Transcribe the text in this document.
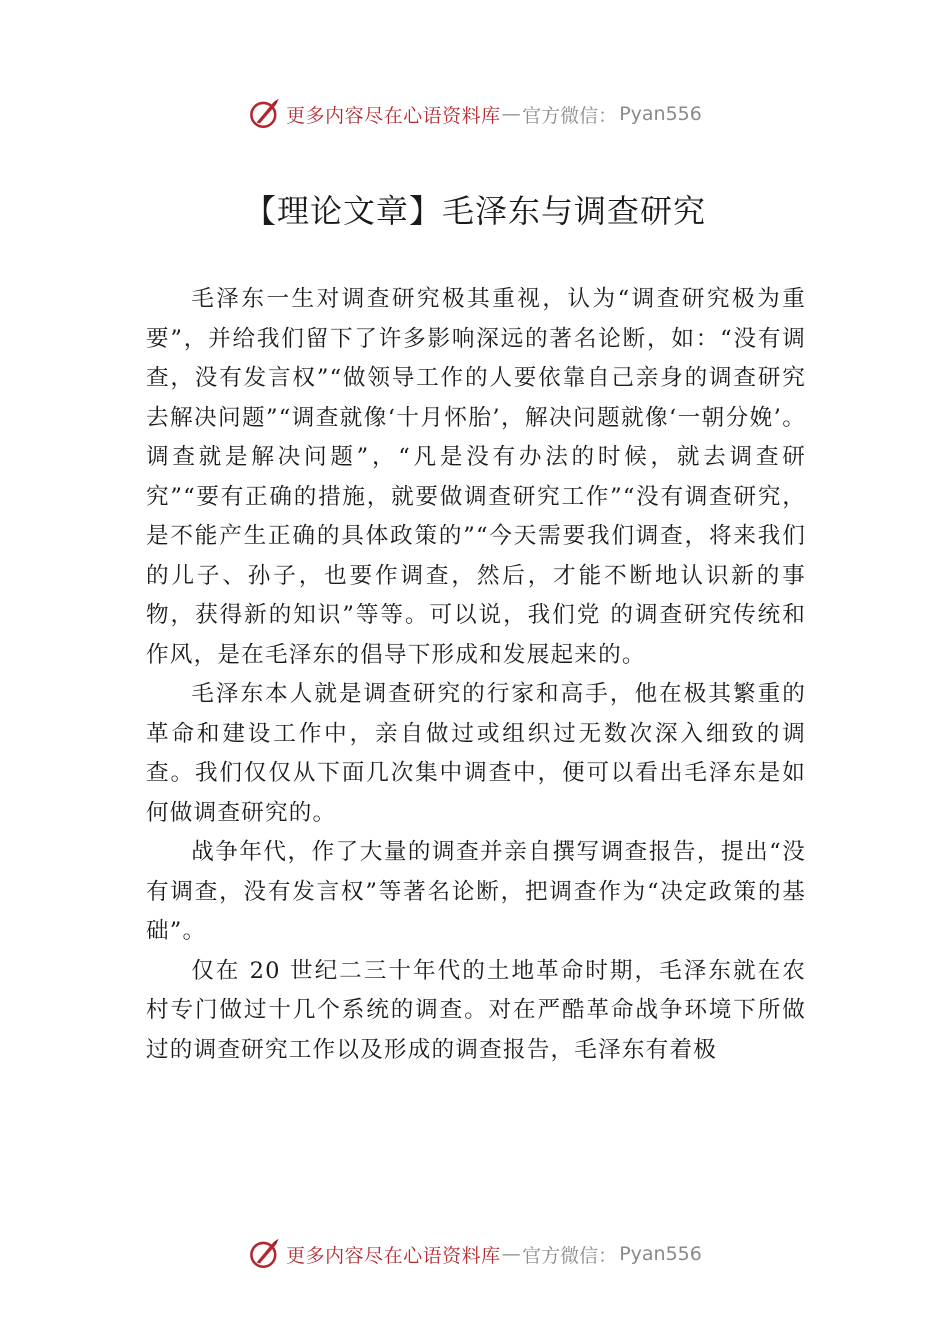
更多内容尽在心语资料库 — 官方微信： Pyan556
【理论文章】毛泽东与调查研究

毛泽东一生对调查研究极其重视，认为“调查研究极为重要”，并给我们留下了许多影响深远的著名论断，如：“没有调查，没有发言权”“做领导工作的人要依靠自己亲身的调查研究去解决问题”“调查就像‘十月怀胎’，解决问题就像‘一朝分娩’。调查就是解决问题”，“凡是没有办法的时候，就去调查研究”“要有正确的措施，就要做调查研究工作”“没有调查研究，是不能产生正确的具体政策的”“今天需要我们调查，将来我们的儿子、孙子，也要作调查，然后，才能不断地认识新的事物，获得新的知识”等等。可以说，我们党 的调查研究传统和作风，是在毛泽东的倡导下形成和发展起来的。

毛泽东本人就是调查研究的行家和高手，他在极其繁重的革命和建设工作中，亲自做过或组织过无数次深入细致的调查。我们仅仅从下面几次集中调查中，便可以看出毛泽东是如何做调查研究的。

战争年代，作了大量的调查并亲自撰写调查报告，提出“没有调查，没有发言权”等著名论断，把调查作为“决定政策的基础”。

仅在 20 世纪二三十年代的土地革命时期，毛泽东就在农村专门做过十几个系统的调查。对在严酷革命战争环境下所做过的调查研究工作以及形成的调查报告，毛泽东有着极

更多内容尽在心语资料库 — 官方微信： Pyan556
